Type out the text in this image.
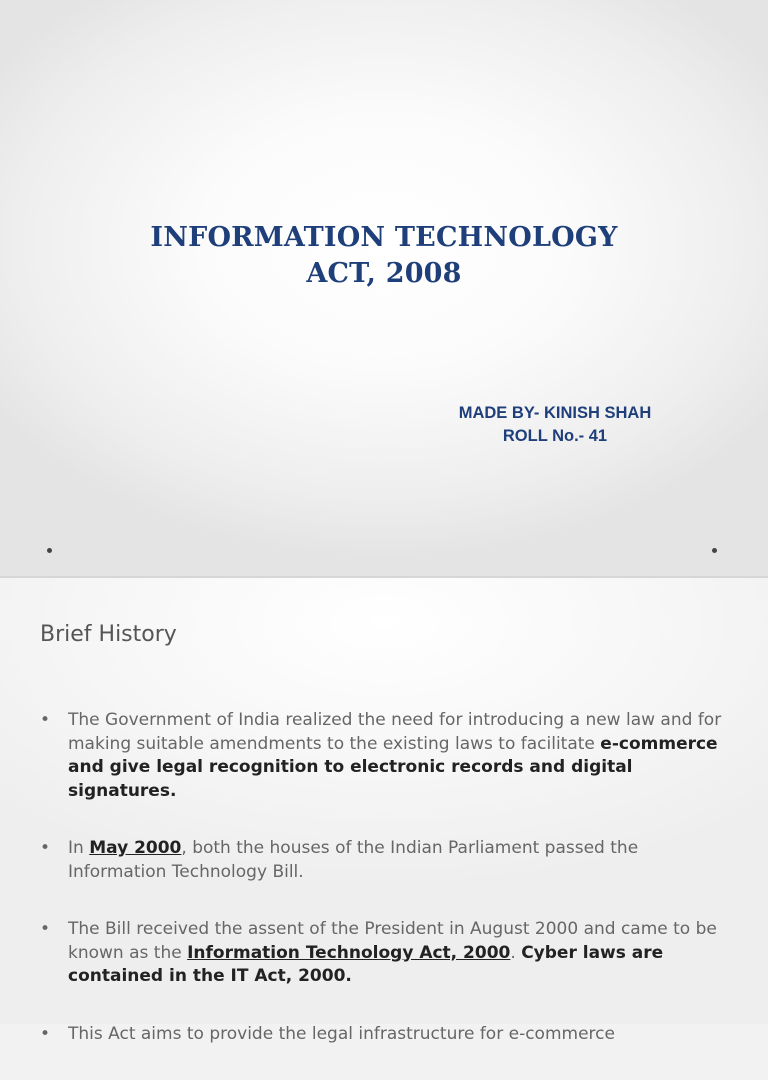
INFORMATION TECHNOLOGY
ACT, 2008
MADE BY- KINISH SHAH
ROLL No.- 41
Brief History
• The Government of India realized the need for introducing a new law and for making suitable amendments to the existing laws to facilitate e-commerce and give legal recognition to electronic records and digital signatures.
• In May 2000, both the houses of the Indian Parliament passed the Information Technology Bill.
• The Bill received the assent of the President in August 2000 and came to be known as the Information Technology Act, 2000. Cyber laws are contained in the IT Act, 2000.
• This Act aims to provide the legal infrastructure for e-commerce
